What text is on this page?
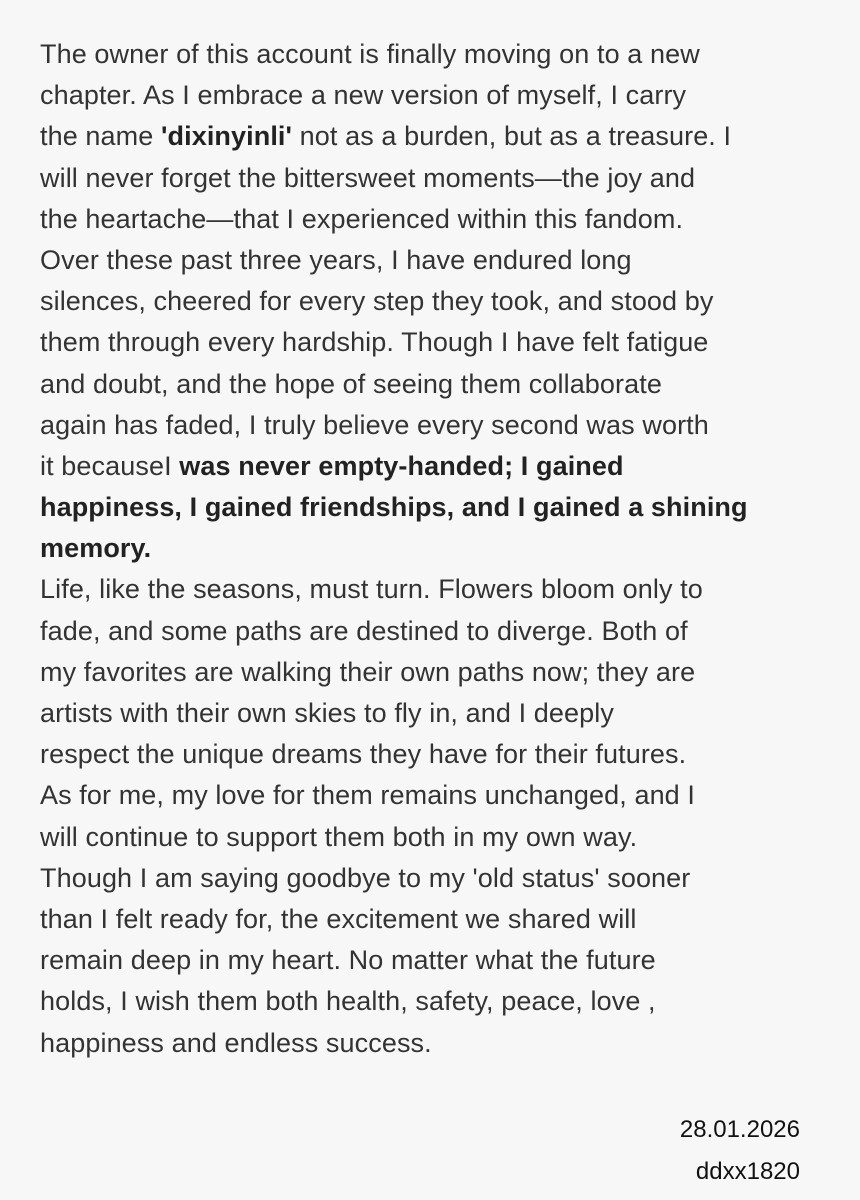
The owner of this account is finally moving on to a new
chapter. As I embrace a new version of myself, I carry
the name 'dixinyinli' not as a burden, but as a treasure. I
will never forget the bittersweet moments—the joy and
the heartache—that I experienced within this fandom.
Over these past three years, I have endured long
silences, cheered for every step they took, and stood by
them through every hardship. Though I have felt fatigue
and doubt, and the hope of seeing them collaborate
again has faded, I truly believe every second was worth
it becauseI was never empty-handed; I gained
happiness, I gained friendships, and I gained a shining
memory.
Life, like the seasons, must turn. Flowers bloom only to
fade, and some paths are destined to diverge. Both of
my favorites are walking their own paths now; they are
artists with their own skies to fly in, and I deeply
respect the unique dreams they have for their futures.
As for me, my love for them remains unchanged, and I
will continue to support them both in my own way.
Though I am saying goodbye to my 'old status' sooner
than I felt ready for, the excitement we shared will
remain deep in my heart. No matter what the future
holds, I wish them both health, safety, peace, love ,
happiness and endless success.
28.01.2026
ddxx1820
